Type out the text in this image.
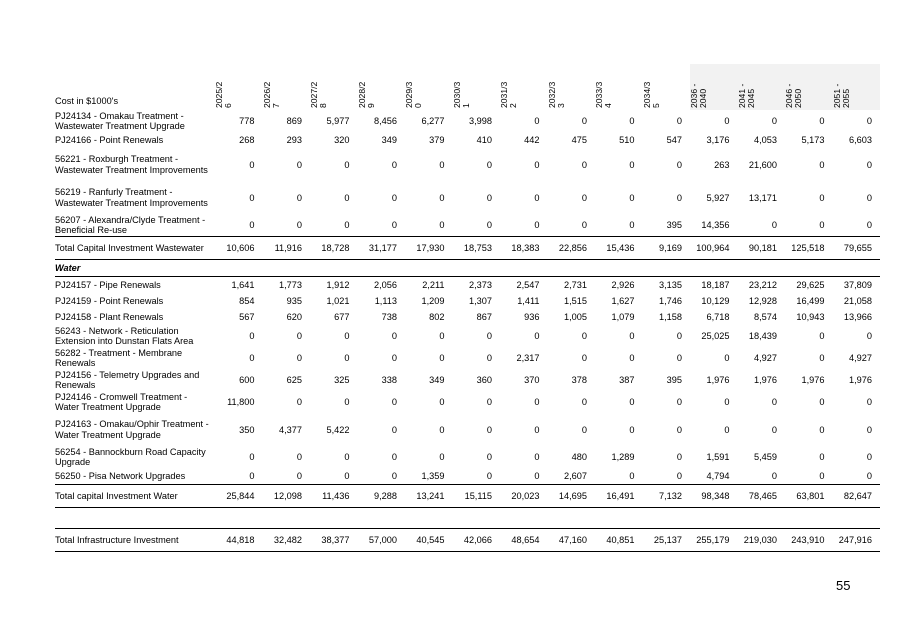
Cost in $1000's	2025/2 6	2026/2 7	2027/2 8	2028/2 9	2029/3 0	2030/3 1	2031/3 2	2032/3 3	2033/3 4	2034/3 5	2036 - 2040	2041 - 2045	2046 - 2050	2051 - 2055

PJ24134 - Omakau Treatment - Wastewater Treatment Upgrade	778	869	5,977	8,456	6,277	3,998	0	0	0	0	0	0	0	0
PJ24166 - Point Renewals	268	293	320	349	379	410	442	475	510	547	3,176	4,053	5,173	6,603
56221 - Roxburgh Treatment - Wastewater Treatment Improvements	0	0	0	0	0	0	0	0	0	0	263	21,600	0	0
56219 - Ranfurly Treatment - Wastewater Treatment Improvements	0	0	0	0	0	0	0	0	0	0	5,927	13,171	0	0
56207 - Alexandra/Clyde Treatment - Beneficial Re-use	0	0	0	0	0	0	0	0	0	395	14,356	0	0	0
Total Capital Investment Wastewater	10,606	11,916	18,728	31,177	17,930	18,753	18,383	22,856	15,436	9,169	100,964	90,181	125,518	79,655
Water														
PJ24157 - Pipe Renewals	1,641	1,773	1,912	2,056	2,211	2,373	2,547	2,731	2,926	3,135	18,187	23,212	29,625	37,809
PJ24159 - Point Renewals	854	935	1,021	1,113	1,209	1,307	1,411	1,515	1,627	1,746	10,129	12,928	16,499	21,058
PJ24158 - Plant Renewals	567	620	677	738	802	867	936	1,005	1,079	1,158	6,718	8,574	10,943	13,966
56243 - Network - Reticulation Extension into Dunstan Flats Area	0	0	0	0	0	0	0	0	0	0	25,025	18,439	0	0
56282 - Treatment - Membrane Renewals	0	0	0	0	0	0	2,317	0	0	0	0	4,927	0	4,927
PJ24156 - Telemetry Upgrades and Renewals	600	625	325	338	349	360	370	378	387	395	1,976	1,976	1,976	1,976
PJ24146 - Cromwell Treatment - Water Treatment Upgrade	11,800	0	0	0	0	0	0	0	0	0	0	0	0	0
PJ24163 - Omakau/Ophir Treatment - Water Treatment Upgrade	350	4,377	5,422	0	0	0	0	0	0	0	0	0	0	0
56254 - Bannockburn Road Capacity Upgrade	0	0	0	0	0	0	0	480	1,289	0	1,591	5,459	0	0
56250 - Pisa Network Upgrades	0	0	0	0	1,359	0	0	2,607	0	0	4,794	0	0	0
Total capital Investment Water	25,844	12,098	11,436	9,288	13,241	15,115	20,023	14,695	16,491	7,132	98,348	78,465	63,801	82,647

Total Infrastructure Investment	44,818	32,482	38,377	57,000	40,545	42,066	48,654	47,160	40,851	25,137	255,179	219,030	243,910	247,916
55
